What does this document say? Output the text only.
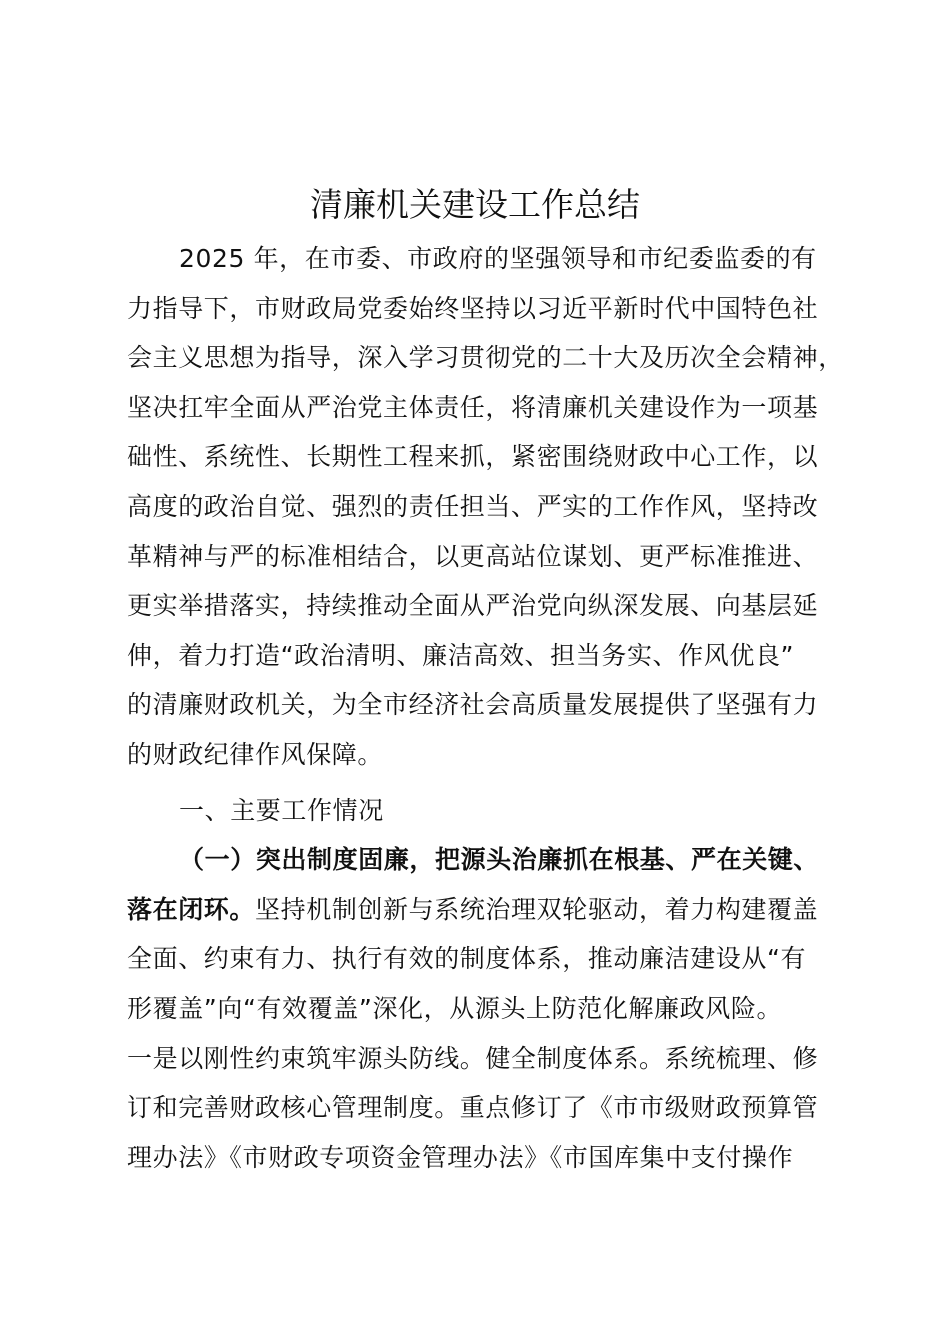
清廉机关建设工作总结
2025 年，在市委、市政府的坚强领导和市纪委监委的有
力指导下，市财政局党委始终坚持以习近平新时代中国特色社
会主义思想为指导，深入学习贯彻党的二十大及历次全会精神，
坚决扛牢全面从严治党主体责任，将清廉机关建设作为一项基
础性、系统性、长期性工程来抓，紧密围绕财政中心工作，以
高度的政治自觉、强烈的责任担当、严实的工作作风，坚持改
革精神与严的标准相结合，以更高站位谋划、更严标准推进、
更实举措落实，持续推动全面从严治党向纵深发展、向基层延
伸，着力打造“政治清明、廉洁高效、担当务实、作风优良”
的清廉财政机关，为全市经济社会高质量发展提供了坚强有力
的财政纪律作风保障。
一、主要工作情况
（一）突出制度固廉，把源头治廉抓在根基、严在关键、
落在闭环。坚持机制创新与系统治理双轮驱动，着力构建覆盖
全面、约束有力、执行有效的制度体系，推动廉洁建设从“有
形覆盖”向“有效覆盖”深化，从源头上防范化解廉政风险。
一是以刚性约束筑牢源头防线。健全制度体系。系统梳理、修
订和完善财政核心管理制度。重点修订了《市市级财政预算管
理办法》《市财政专项资金管理办法》《市国库集中支付操作
